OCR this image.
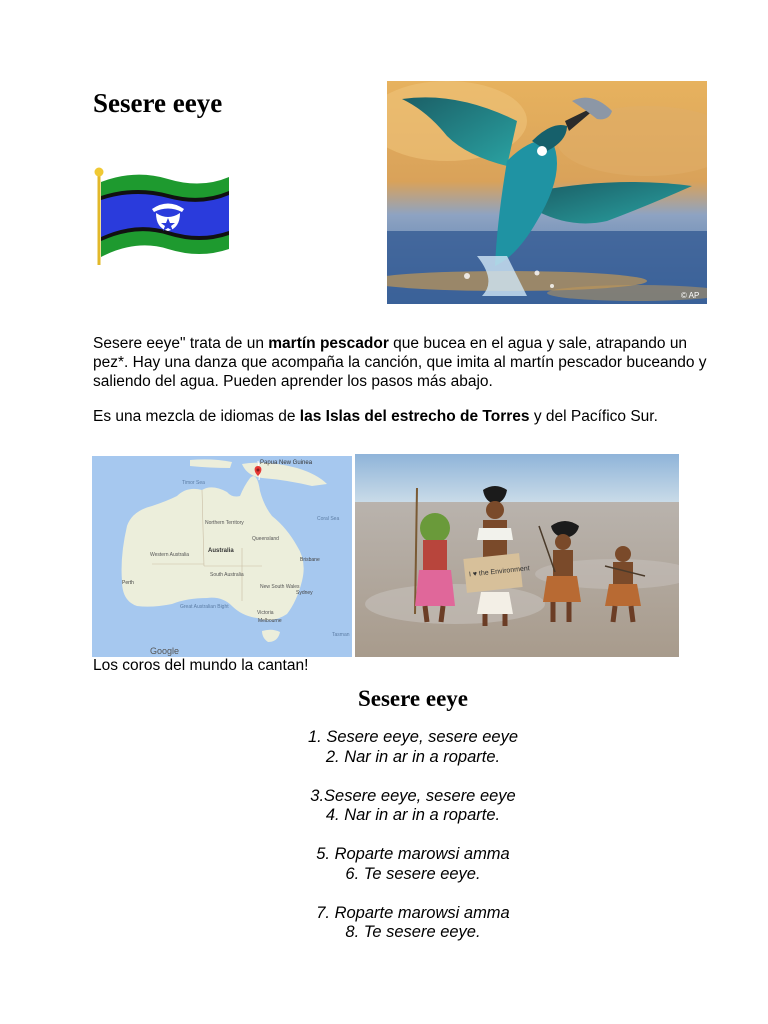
Sesere eeye
© AP

Sesere eeye" trata de un martín pescador que bucea en el agua y sale, atrapando un pez*. Hay una danza que acompaña la canción, que imita al martín pescador buceando y saliendo del agua. Pueden aprender los pasos más abajo.

Es una mezcla de idiomas de las Islas del estrecho de Torres y del Pacífico Sur.

Papua New Guinea
Australia
Northern Territory
Queensland
Western Australia
South Australia
New South Wales
Brisbane
Sydney
Perth
Victoria
Melbourne
Great Australian Bight
Timor Sea
Coral Sea
Tasman
Google
I ♥ the Environment

Los coros del mundo la cantan!

Sesere eeye

1. Sesere eeye, sesere eeye

2. Nar in ar in a roparte.

3.Sesere eeye, sesere eeye

4. Nar in ar in a roparte.

5. Roparte marowsi amma

6. Te sesere eeye.

7. Roparte marowsi amma

8. Te sesere eeye.
